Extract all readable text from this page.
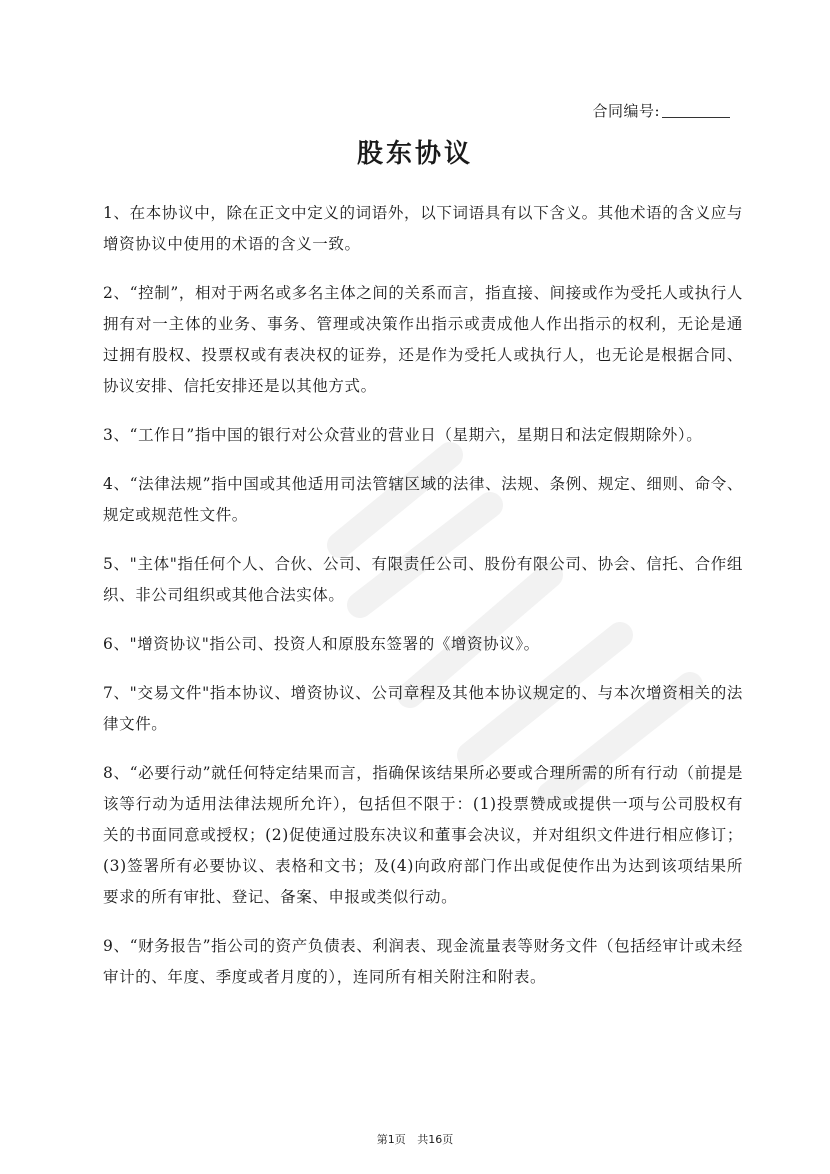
合同编号:
股东协议

1、在本协议中，除在正文中定义的词语外，以下词语具有以下含义。其他术语的含义应与增资协议中使用的术语的含义一致。

2、“控制”，相对于两名或多名主体之间的关系而言，指直接、间接或作为受托人或执行人拥有对一主体的业务、事务、管理或决策作出指示或责成他人作出指示的权利，无论是通过拥有股权、投票权或有表决权的证券，还是作为受托人或执行人，也无论是根据合同、协议安排、信托安排还是以其他方式。

3、“工作日”指中国的银行对公众营业的营业日（星期六，星期日和法定假期除外）。

4、“法律法规”指中国或其他适用司法管辖区域的法律、法规、条例、规定、细则、命令、规定或规范性文件。

5、"主体"指任何个人、合伙、公司、有限责任公司、股份有限公司、协会、信托、合作组织、非公司组织或其他合法实体。

6、"增资协议"指公司、投资人和原股东签署的《增资协议》。

7、"交易文件"指本协议、增资协议、公司章程及其他本协议规定的、与本次增资相关的法律文件。

8、“必要行动”就任何特定结果而言，指确保该结果所必要或合理所需的所有行动（前提是该等行动为适用法律法规所允许），包括但不限于：(1)投票赞成或提供一项与公司股权有关的书面同意或授权；(2)促使通过股东决议和董事会决议，并对组织文件进行相应修订；(3)签署所有必要协议、表格和文书；及(4)向政府部门作出或促使作出为达到该项结果所要求的所有审批、登记、备案、申报或类似行动。

9、“财务报告”指公司的资产负债表、利润表、现金流量表等财务文件（包括经审计或未经审计的、年度、季度或者月度的），连同所有相关附注和附表。

第1页 共16页
